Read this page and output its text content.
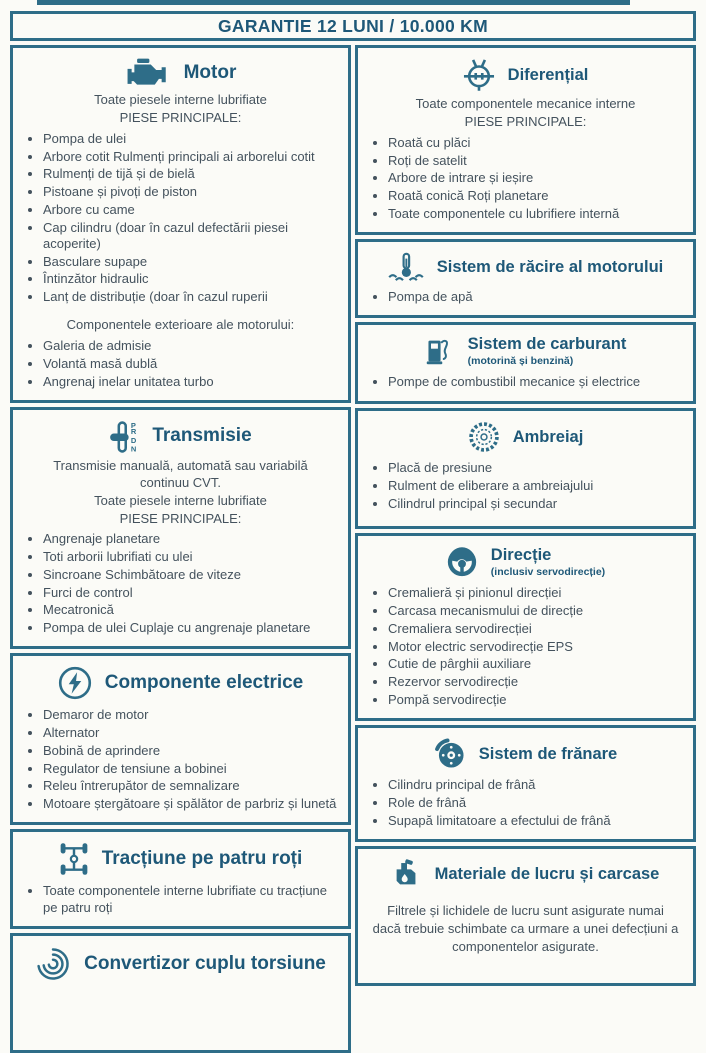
GARANTIE 12 LUNI / 10.000 KM
Motor

Toate piesele interne lubrifiate

PIESE PRINCIPALE:

• Pompa de ulei
• Arbore cotit Rulmenți principali ai arborelui cotit
• Rulmenți de tijă și de bielă
• Pistoane și pivoți de piston
• Arbore cu came
• Cap cilindru (doar în cazul defectării piesei acoperite)
• Basculare supape
• Întinzător hidraulic
• Lanț de distribuție (doar în cazul ruperii

Componentele exterioare ale motorului:

• Galeria de admisie
• Volantă masă dublă
• Angrenaj inelar unitatea turbo
P
R
D
N
Transmisie

Transmisie manuală, automată sau variabilă continuu CVT.

Toate piesele interne lubrifiate

PIESE PRINCIPALE:

• Angrenaje planetare
• Toti arborii lubrifiati cu ulei
• Sincroane Schimbătoare de viteze
• Furci de control
• Mecatronică
• Pompa de ulei Cuplaje cu angrenaje planetare
Componente electrice
• Demaror de motor
• Alternator
• Bobină de aprindere
• Regulator de tensiune a bobinei
• Releu întrerupător de semnalizare
• Motoare ștergătoare și spălător de parbriz și lunetă
Tracțiune pe patru roți
• Toate componentele interne lubrifiate cu tracțiune pe patru roți
Convertizor cuplu torsiune
Diferențial

Toate componentele mecanice interne

PIESE PRINCIPALE:

• Roată cu plăci
• Roți de satelit
• Arbore de intrare și ieșire
• Roată conică Roți planetare
• Toate componentele cu lubrifiere internă
Sistem de răcire al motorului
• Pompa de apă
Sistem de carburant
(motorină și benzină)
• Pompe de combustibil mecanice și electrice
Ambreiaj
• Placă de presiune
• Rulment de eliberare a ambreiajului
• Cilindrul principal și secundar
Direcție
(inclusiv servodirecție)
• Cremalieră și pinionul direcției
• Carcasa mecanismului de direcție
• Cremaliera servodirecției
• Motor electric servodirecție EPS
• Cutie de pârghii auxiliare
• Rezervor servodirecție
• Pompă servodirecție
Sistem de frănare
• Cilindru principal de frână
• Role de frână
• Supapă limitatoare a efectului de frână
Materiale de lucru și carcase

Filtrele și lichidele de lucru sunt asigurate numai dacă trebuie schimbate ca urmare a unei defecțiuni a componentelor asigurate.
